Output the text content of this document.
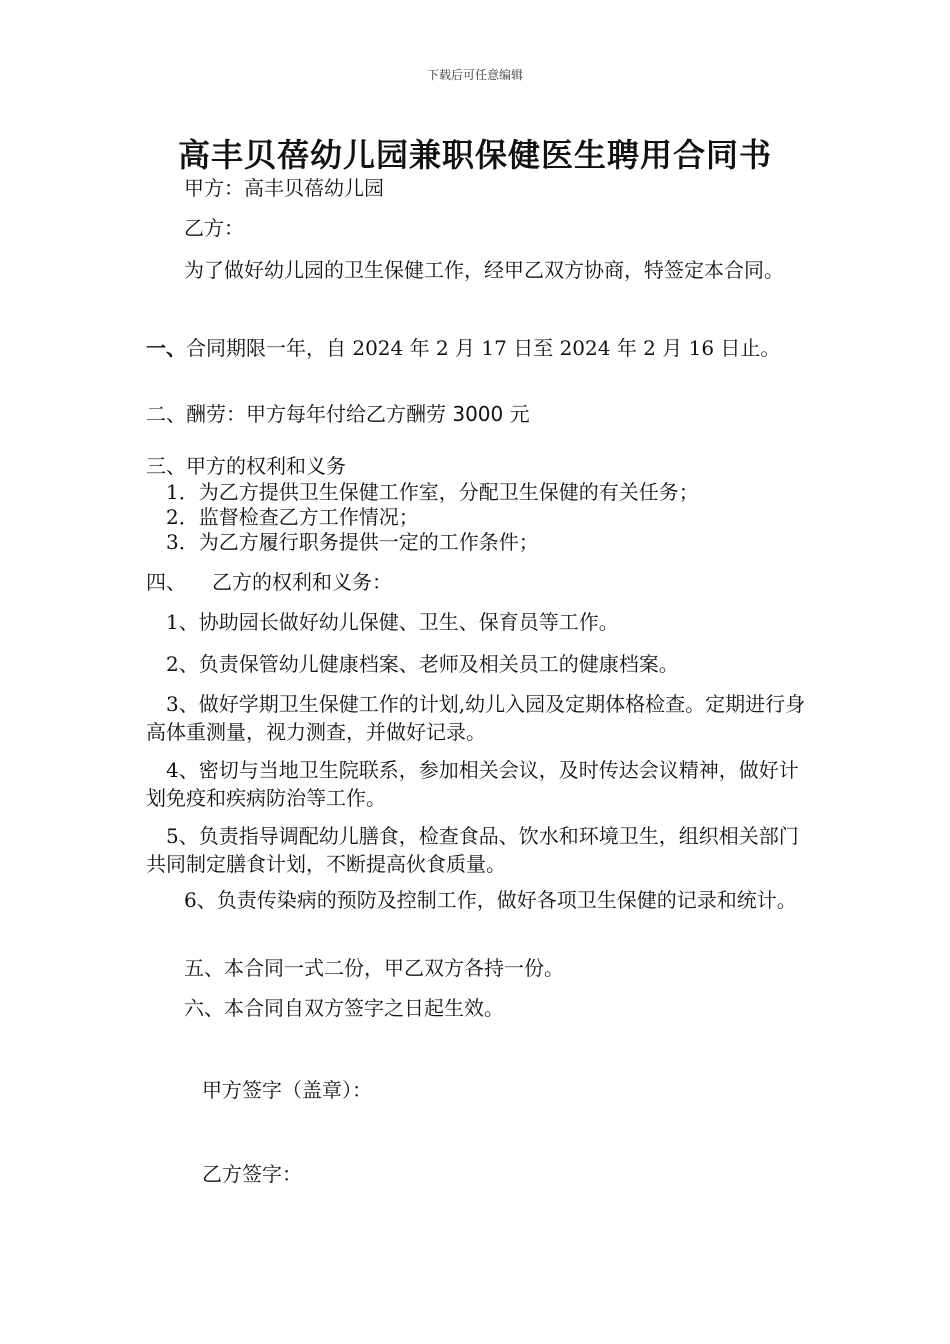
下载后可任意编辑
高丰贝蓓幼儿园兼职保健医生聘用合同书

甲方：高丰贝蓓幼儿园

乙方：

为了做好幼儿园的卫生保健工作，经甲乙双方协商，特签定本合同。

一、合同期限一年，自 2024 年 2 月 17 日至 2024 年 2 月 16 日止。

二、酬劳：甲方每年付给乙方酬劳 3000 元

三、甲方的权利和义务

1．为乙方提供卫生保健工作室，分配卫生保健的有关任务；

2．监督检查乙方工作情况；

3．为乙方履行职务提供一定的工作条件；

四、 乙方的权利和义务：

1、协助园长做好幼儿保健、卫生、保育员等工作。

2、负责保管幼儿健康档案、老师及相关员工的健康档案。

3、做好学期卫生保健工作的计划,幼儿入园及定期体格检查。定期进行身高体重测量，视力测查，并做好记录。

4、密切与当地卫生院联系，参加相关会议，及时传达会议精神，做好计划免疫和疾病防治等工作。

5、负责指导调配幼儿膳食，检查食品、饮水和环境卫生，组织相关部门共同制定膳食计划，不断提高伙食质量。

6、负责传染病的预防及控制工作，做好各项卫生保健的记录和统计。

五、本合同一式二份，甲乙双方各持一份。

六、本合同自双方签字之日起生效。

甲方签字（盖章）：

乙方签字：
